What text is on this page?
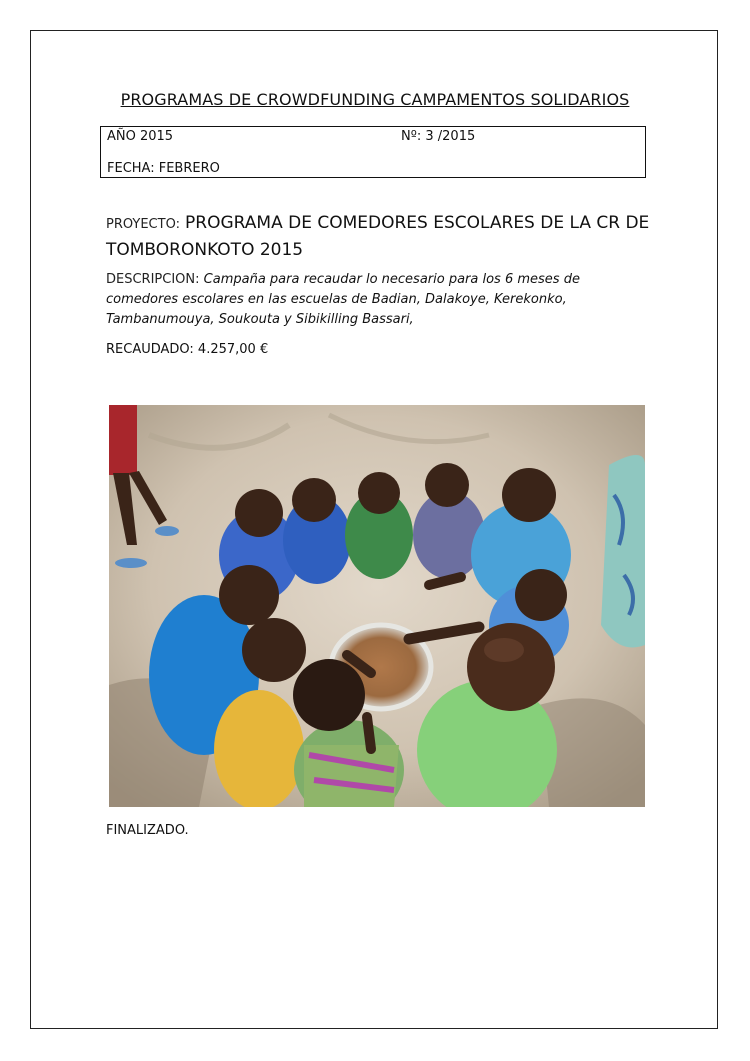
PROGRAMAS DE CROWDFUNDING CAMPAMENTOS SOLIDARIOS
AÑO 2015	Nº: 3 /2015
FECHA: FEBRERO
PROYECTO: PROGRAMA DE COMEDORES ESCOLARES DE LA CR DE TOMBORONKOTO 2015
DESCRIPCION: Campaña para recaudar lo necesario para los 6 meses de comedores escolares en las escuelas de Badian, Dalakoye, Kerekonko, Tambanumouya, Soukouta y Sibikilling Bassari,
RECAUDADO: 4.257,00 €
FINALIZADO.
